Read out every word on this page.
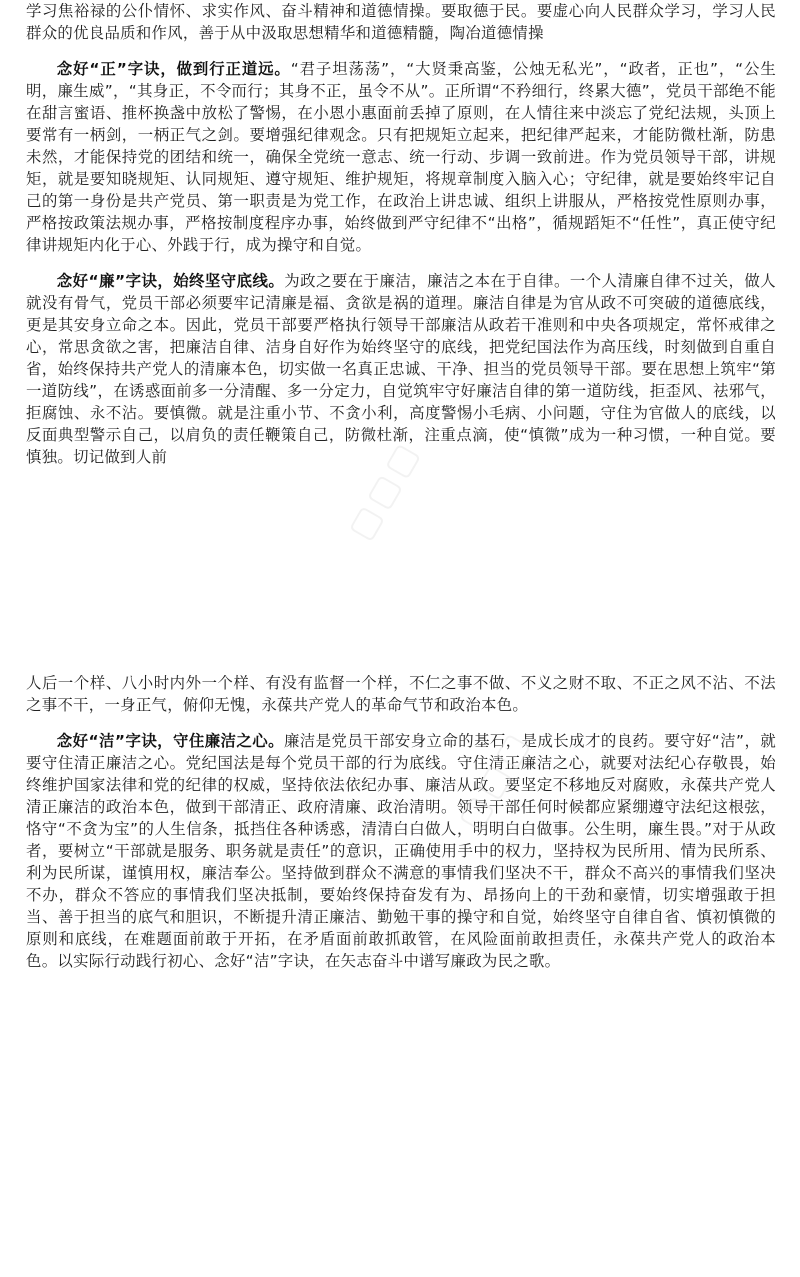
学习焦裕禄的公仆情怀、求实作风、奋斗精神和道德情操。要取德于民。要虚心向人民群众学习，学习人民群众的优良品质和作风，善于从中汲取思想精华和道德精髓，陶冶道德情操

念好“正”字诀，做到行正道远。“君子坦荡荡”，“大贤秉高鉴，公烛无私光”，“政者，正也”，“公生明，廉生威”，“其身正，不令而行；其身不正，虽令不从”。正所谓“不矜细行，终累大德”，党员干部绝不能在甜言蜜语、推杯换盏中放松了警惕，在小恩小惠面前丢掉了原则，在人情往来中淡忘了党纪法规，头顶上要常有一柄剑，一柄正气之剑。要增强纪律观念。只有把规矩立起来，把纪律严起来，才能防微杜渐，防患未然，才能保持党的团结和统一，确保全党统一意志、统一行动、步调一致前进。作为党员领导干部，讲规矩，就是要知晓规矩、认同规矩、遵守规矩、维护规矩，将规章制度入脑入心；守纪律，就是要始终牢记自己的第一身份是共产党员、第一职责是为党工作，在政治上讲忠诚、组织上讲服从，严格按党性原则办事，严格按政策法规办事，严格按制度程序办事，始终做到严守纪律不“出格”，循规蹈矩不“任性”，真正使守纪律讲规矩内化于心、外践于行，成为操守和自觉。

念好“廉”字诀，始终坚守底线。为政之要在于廉洁，廉洁之本在于自律。一个人清廉自律不过关，做人就没有骨气，党员干部必须要牢记清廉是福、贪欲是祸的道理。廉洁自律是为官从政不可突破的道德底线，更是其安身立命之本。因此，党员干部要严格执行领导干部廉洁从政若干准则和中央各项规定，常怀戒律之心，常思贪欲之害，把廉洁自律、洁身自好作为始终坚守的底线，把党纪国法作为高压线，时刻做到自重自省，始终保持共产党人的清廉本色，切实做一名真正忠诚、干净、担当的党员领导干部。要在思想上筑牢“第一道防线”，在诱惑面前多一分清醒、多一分定力，自觉筑牢守好廉洁自律的第一道防线，拒歪风、祛邪气，拒腐蚀、永不沾。要慎微。就是注重小节、不贪小利，高度警惕小毛病、小问题，守住为官做人的底线，以反面典型警示自己，以肩负的责任鞭策自己，防微杜渐，注重点滴，使“慎微”成为一种习惯，一种自觉。要慎独。切记做到人前

人后一个样、八小时内外一个样、有没有监督一个样，不仁之事不做、不义之财不取、不正之风不沾、不法之事不干，一身正气，俯仰无愧，永葆共产党人的革命气节和政治本色。

念好“洁”字诀，守住廉洁之心。廉洁是党员干部安身立命的基石，是成长成才的良药。要守好“洁”，就要守住清正廉洁之心。党纪国法是每个党员干部的行为底线。守住清正廉洁之心，就要对法纪心存敬畏，始终维护国家法律和党的纪律的权威，坚持依法依纪办事、廉洁从政。要坚定不移地反对腐败，永葆共产党人清正廉洁的政治本色，做到干部清正、政府清廉、政治清明。领导干部任何时候都应紧绷遵守法纪这根弦，恪守“不贪为宝”的人生信条，抵挡住各种诱惑，清清白白做人，明明白白做事。公生明，廉生畏。”对于从政者，要树立“干部就是服务、职务就是责任”的意识，正确使用手中的权力，坚持权为民所用、情为民所系、利为民所谋，谨慎用权，廉洁奉公。坚持做到群众不满意的事情我们坚决不干，群众不高兴的事情我们坚决不办，群众不答应的事情我们坚决抵制，要始终保持奋发有为、昂扬向上的干劲和豪情，切实增强敢于担当、善于担当的底气和胆识，不断提升清正廉洁、勤勉干事的操守和自觉，始终坚守自律自省、慎初慎微的原则和底线，在难题面前敢于开拓，在矛盾面前敢抓敢管，在风险面前敢担责任，永葆共产党人的政治本色。以实际行动践行初心、念好“洁”字诀，在矢志奋斗中谱写廉政为民之歌。

▢▢▢
▢▢▢
